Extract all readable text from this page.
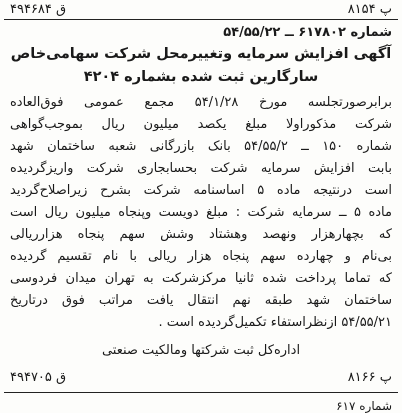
ق ۴۹۴۶۸۴	پ ۸۱۵۴
شماره ۶۱۷۸۰۲ ــ ۵۴/۵۵/۲۲
آگهی افزایش سرمایه وتغییرمحل شرکت سهامی‌خاص
سارگارین ثبت شده بشماره ۴۲۰۴
برابرصورتجلسه مورخ ۵۴/۱/۲۸ مجمع عمومی فوق‌العاده
شرکت مذکوراولا مبلغ یکصد میلیون ریال بموجب‌گواهی
شماره ۱۵۰ ــ ۵۴/۵۵/۲ بانک بازرگانی شعبه ساختمان شهد
بابت افزایش سرمایه شرکت بحسابجاری شرکت واریزگردیده
است درنتیجه ماده ۵ اساسنامه شرکت بشرح زیراصلاح‌گردید
ماده ۵ ــ سرمایه شرکت : مبلغ دویست وپنجاه میلیون ریال است
که بچهارهزار ونهصد وهشتاد وشش سهم پنجاه هزارریالی
بی‌نام و چهارده سهم پنجاه هزار ریالی با نام تقسیم گردیده
که تماما پرداخت شده ثانیا مرکزشرکت به تهران میدان فردوسی
ساختمان شهد طبقه نهم انتقال یافت مراتب فوق درتاریخ
۵۴/۵۵/۲۱ ازنظراستفاء تکمیل‌گردیده است .
اداره‌کل ثبت شرکتها ومالکیت صنعتی
ق ۴۹۴۷۰۵	پ ۸۱۶۶
شماره ۶۱۷
